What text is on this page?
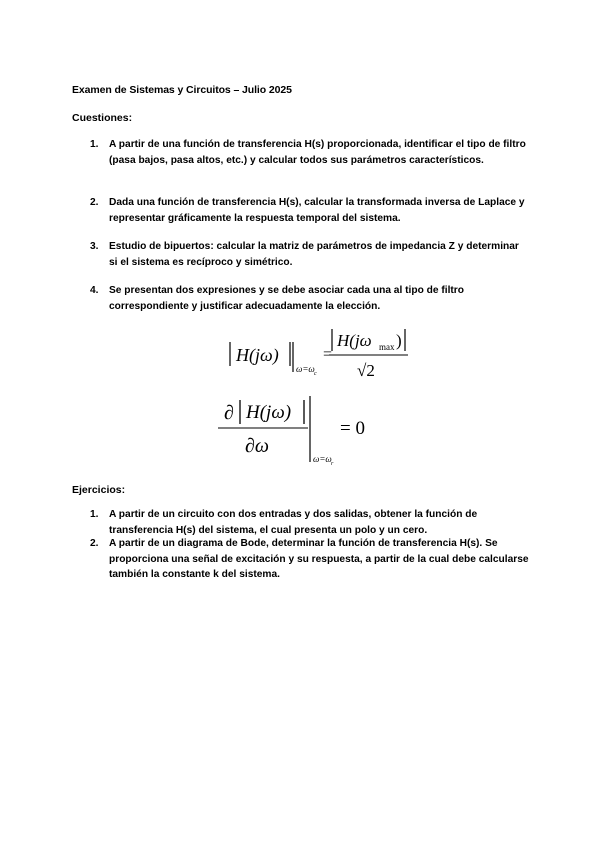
Examen de Sistemas y Circuitos – Julio 2025
Cuestiones:
1. A partir de una función de transferencia H(s) proporcionada, identificar el tipo de filtro (pasa bajos, pasa altos, etc.) y calcular todos sus parámetros característicos.
2. Dada una función de transferencia H(s), calcular la transformada inversa de Laplace y representar gráficamente la respuesta temporal del sistema.
3. Estudio de bipuertos: calcular la matriz de parámetros de impedancia Z y determinar si el sistema es recíproco y simétrico.
4. Se presentan dos expresiones y se debe asociar cada una al tipo de filtro correspondiente y justificar adecuadamente la elección.
H(jω)
ω=ω c
=
H(jω max )
√2
∂ H(jω)
∂ω
ω=ω r
= 0
Ejercicios:
1. A partir de un circuito con dos entradas y dos salidas, obtener la función de transferencia H(s) del sistema, el cual presenta un polo y un cero.
2. A partir de un diagrama de Bode, determinar la función de transferencia H(s). Se proporciona una señal de excitación y su respuesta, a partir de la cual debe calcularse también la constante k del sistema.
